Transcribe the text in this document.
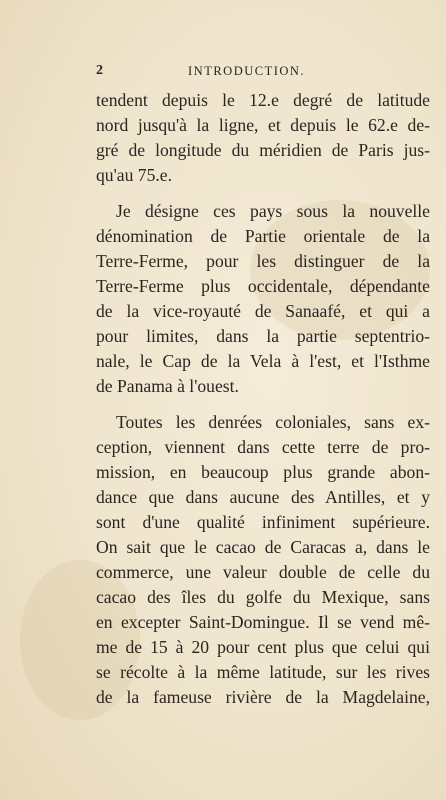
2	INTRODUCTION.
tendent depuis le 12.e degré de latitude
nord jusqu'à la ligne, et depuis le 62.e de-
gré de longitude du méridien de Paris jus-
qu'au 75.e.
Je désigne ces pays sous la nouvelle
dénomination de Partie orientale de la
Terre-Ferme, pour les distinguer de la
Terre-Ferme plus occidentale, dépendante
de la vice-royauté de Sanaafé, et qui a
pour limites, dans la partie septentrio-
nale, le Cap de la Vela à l'est, et l'Isthme
de Panama à l'ouest.
Toutes les denrées coloniales, sans ex-
ception, viennent dans cette terre de pro-
mission, en beaucoup plus grande abon-
dance que dans aucune des Antilles, et y
sont d'une qualité infiniment supérieure.
On sait que le cacao de Caracas a, dans le
commerce, une valeur double de celle du
cacao des îles du golfe du Mexique, sans
en excepter Saint-Domingue. Il se vend mê-
me de 15 à 20 pour cent plus que celui qui
se récolte à la même latitude, sur les rives
de la fameuse rivière de la Magdelaine,
